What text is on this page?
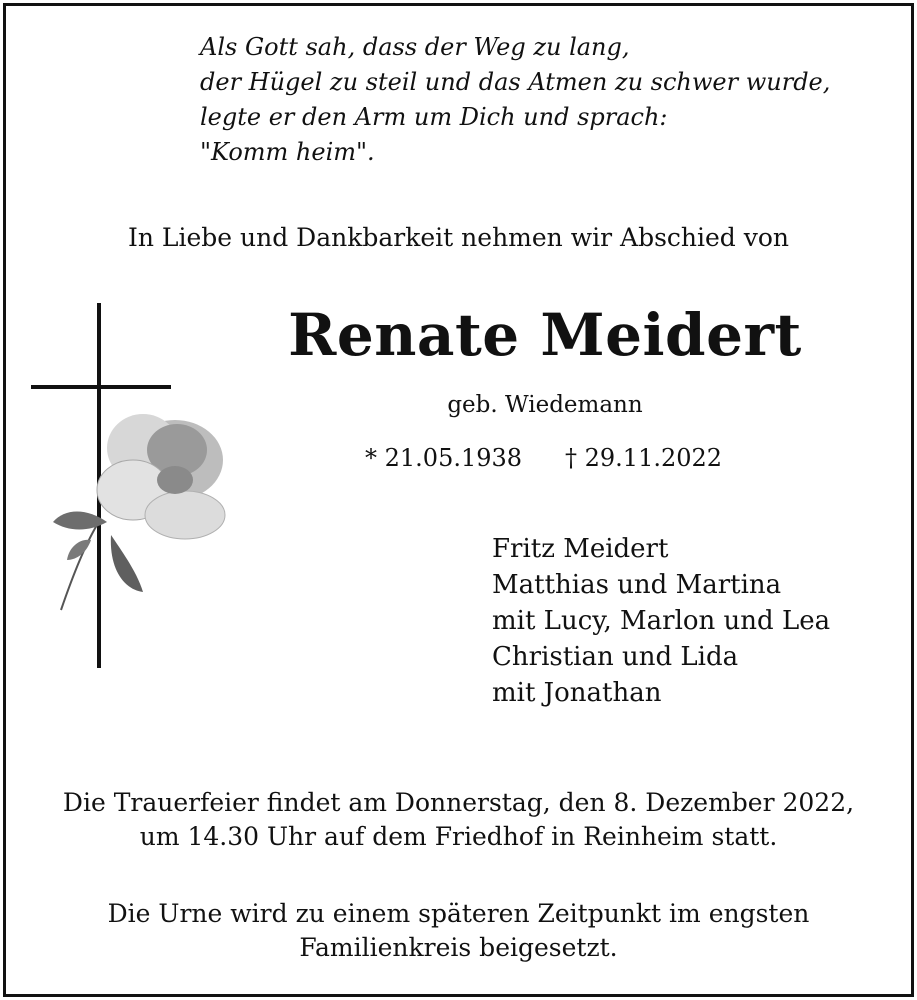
Als Gott sah, dass der Weg zu lang,
der Hügel zu steil und das Atmen zu schwer wurde,
legte er den Arm um Dich und sprach:
"Komm heim".
In Liebe und Dankbarkeit nehmen wir Abschied von
Renate Meidert
geb. Wiedemann
* 21.05.1938 † 29.11.2022
Fritz Meidert
Matthias und Martina
mit Lucy, Marlon und Lea
Christian und Lida
mit Jonathan
Die Trauerfeier findet am Donnerstag, den 8. Dezember 2022,
um 14.30 Uhr auf dem Friedhof in Reinheim statt.
Die Urne wird zu einem späteren Zeitpunkt im engsten
Familienkreis beigesetzt.
